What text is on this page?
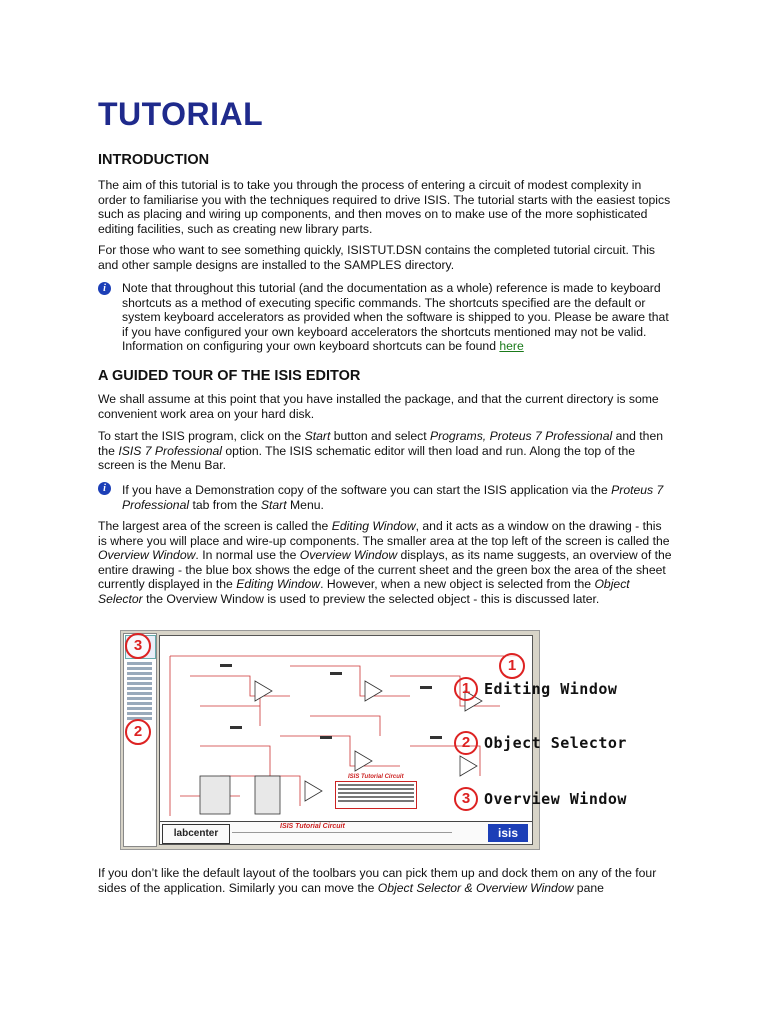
TUTORIAL
INTRODUCTION

The aim of this tutorial is to take you through the process of entering a circuit of modest complexity in order to familiarise you with the techniques required to drive ISIS. The tutorial starts with the easiest topics such as placing and wiring up components, and then moves on to make use of the more sophisticated editing facilities, such as creating new library parts.

For those who want to see something quickly, ISISTUT.DSN contains the completed tutorial circuit. This and other sample designs are installed to the SAMPLES directory.

i	Note that throughout this tutorial (and the documentation as a whole) reference is made to keyboard shortcuts as a method of executing specific commands. The shortcuts specified are the default or system keyboard accelerators as provided when the software is shipped to you. Please be aware that if you have configured your own keyboard accelerators the shortcuts mentioned may not be valid. Information on configuring your own keyboard shortcuts can be found here

A GUIDED TOUR OF THE ISIS EDITOR

We shall assume at this point that you have installed the package, and that the current directory is some convenient work area on your hard disk.

To start the ISIS program, click on the Start button and select Programs, Proteus 7 Professional and then the ISIS 7 Professional option. The ISIS schematic editor will then load and run. Along the top of the screen is the Menu Bar.

i	If you have a Demonstration copy of the software you can start the ISIS application via the Proteus 7 Professional tab from the Start Menu.

The largest area of the screen is called the Editing Window, and it acts as a window on the drawing - this is where you will place and wire-up components. The smaller area at the top left of the screen is called the Overview Window. In normal use the Overview Window displays, as its name suggests, an overview of the entire drawing - the blue box shows the edge of the current sheet and the green box the area of the sheet currently displayed in the Editing Window. However, when a new object is selected from the Object Selector the Overview Window is used to preview the selected object - this is discussed later.

ISIS Tutorial Circuit
labcenter
ISIS Tutorial Circuit	isis
3
2
1
1 Editing Window
2 Object Selector
3 Overview Window

If you don’t like the default layout of the toolbars you can pick them up and dock them on any of the four sides of the application. Similarly you can move the Object Selector & Overview Window pane
